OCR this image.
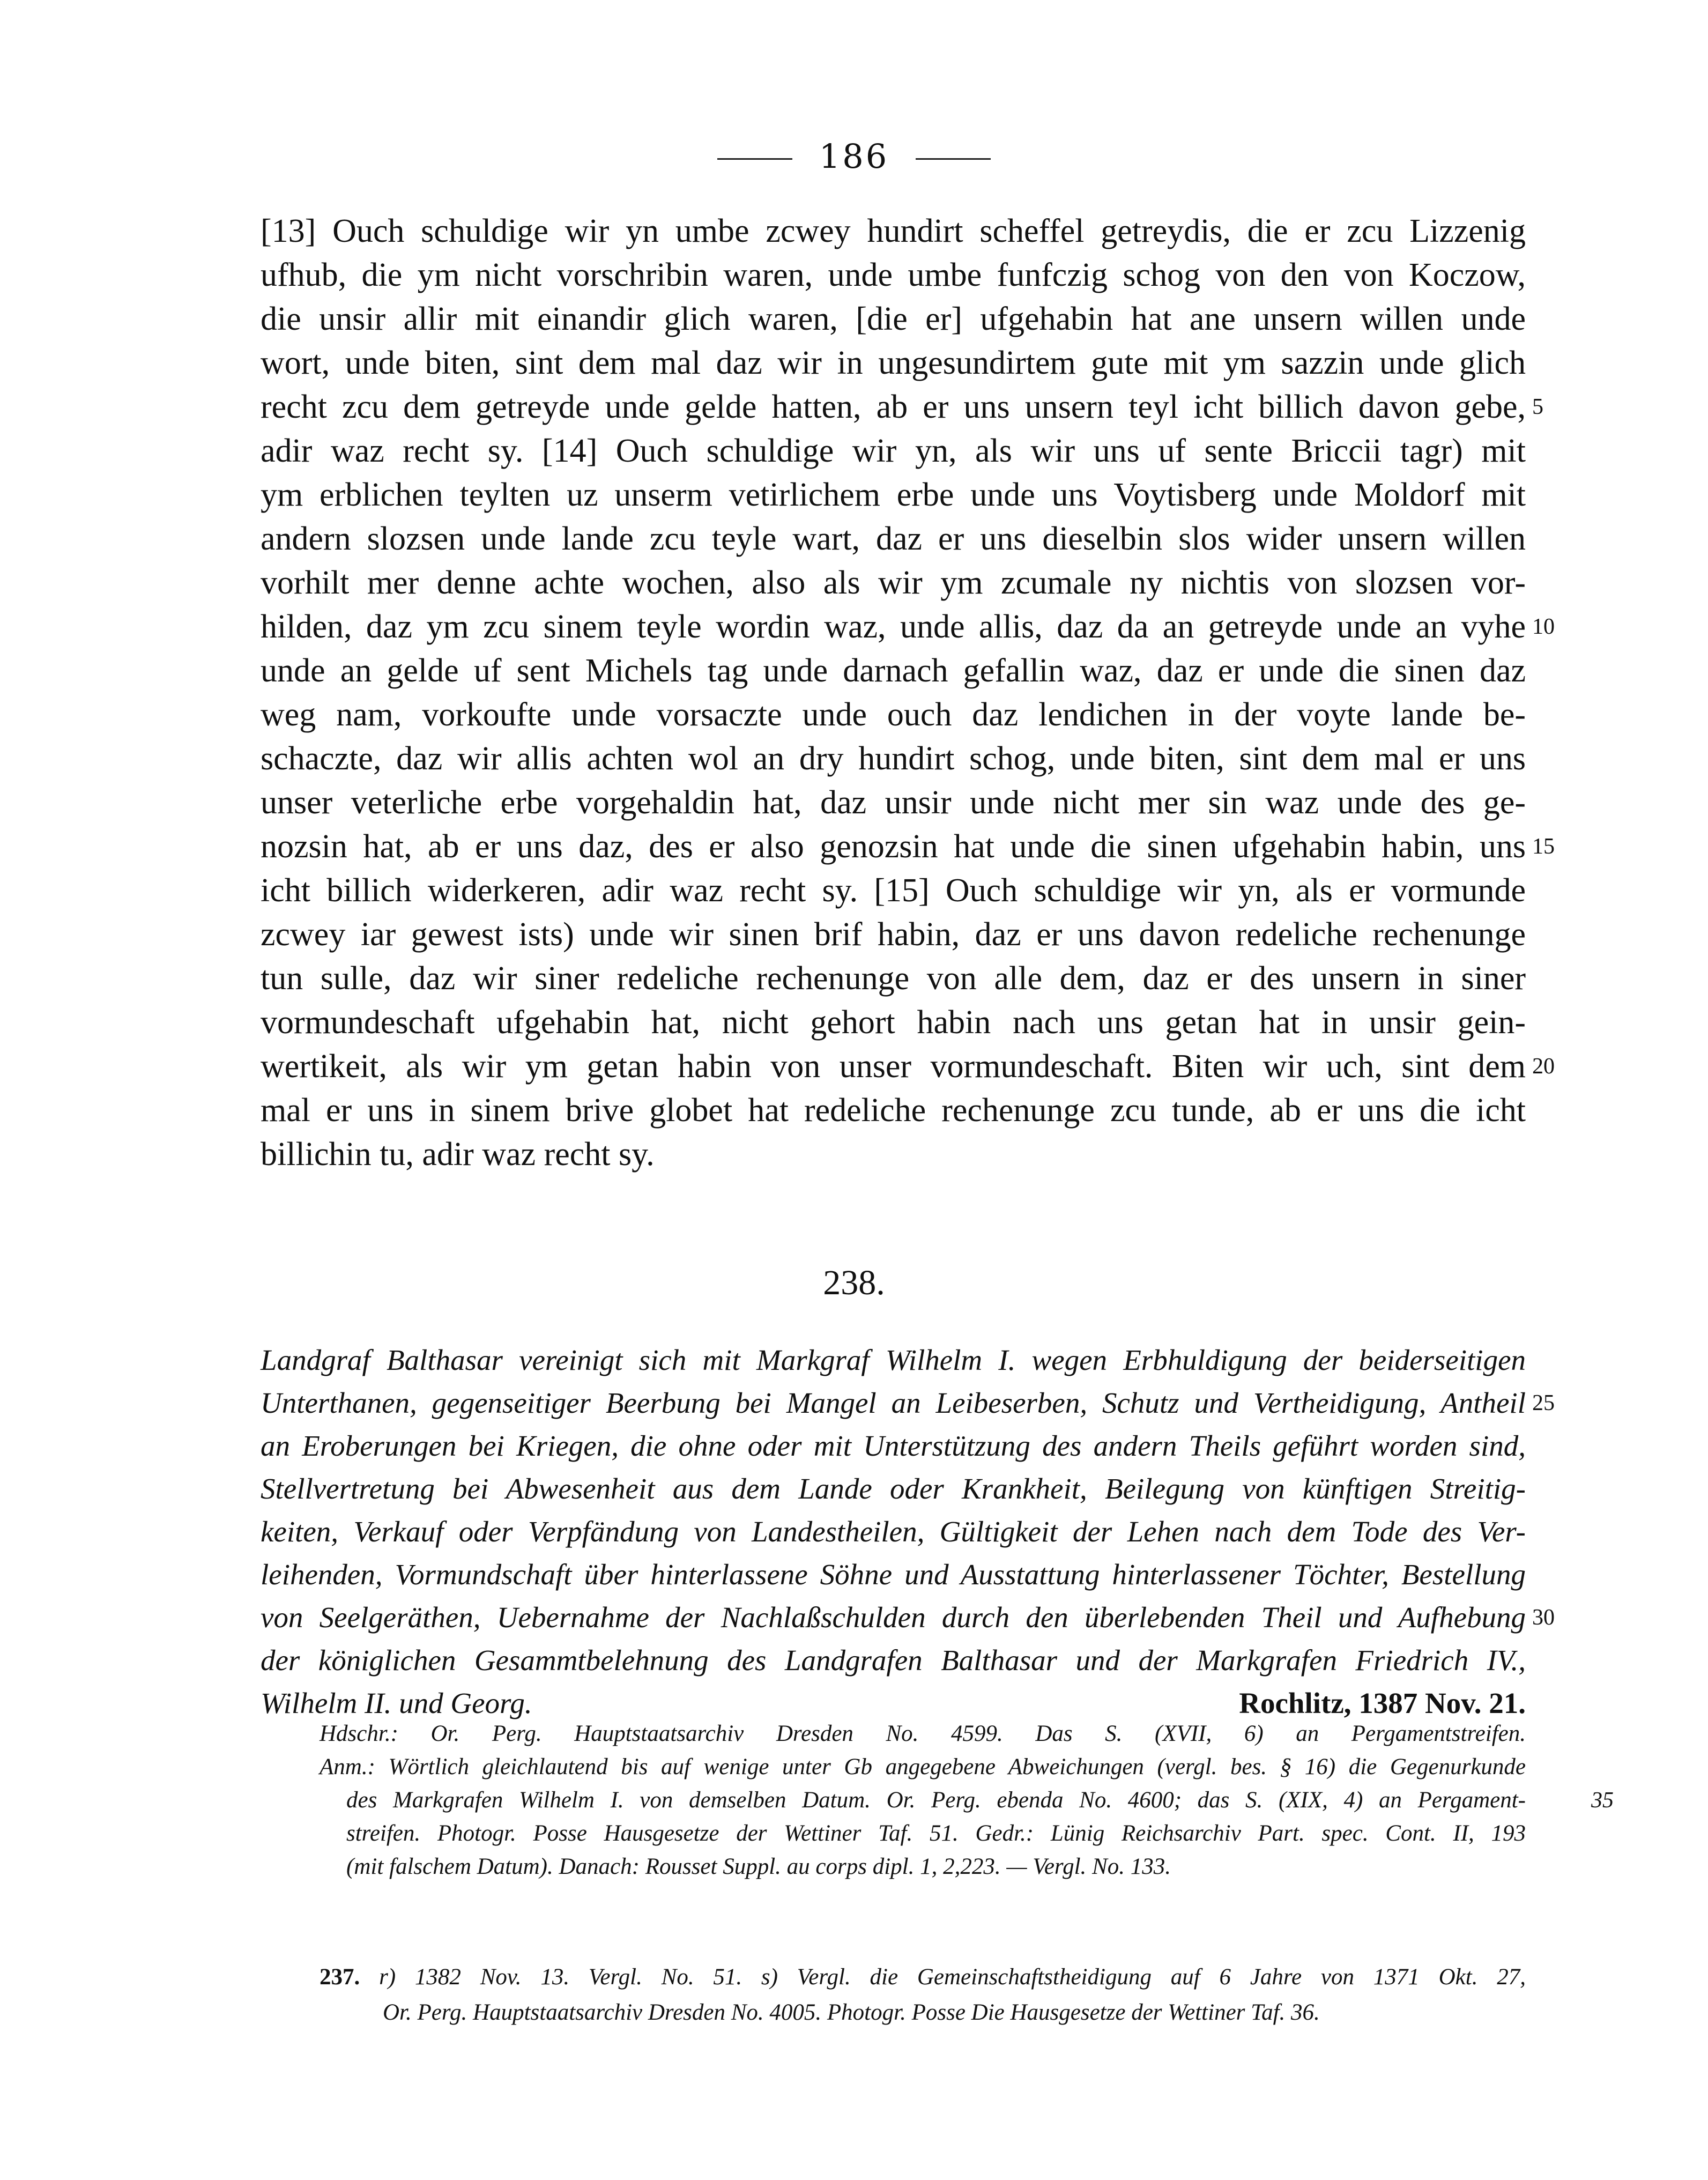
186
[13] Ouch schuldige wir yn umbe zcwey hundirt scheffel getreydis, die er zcu Lizzenig
ufhub, die ym nicht vorschribin waren, unde umbe funfczig schog von den von Koczow,
die unsir allir mit einandir glich waren, [die er] ufgehabin hat ane unsern willen unde
wort, unde biten, sint dem mal daz wir in ungesundirtem gute mit ym sazzin unde glich
recht zcu dem getreyde unde gelde hatten, ab er uns unsern teyl icht billich davon gebe, 5
adir waz recht sy. [14] Ouch schuldige wir yn, als wir uns uf sente Briccii tagr) mit
ym erblichen teylten uz unserm vetirlichem erbe unde uns Voytisberg unde Moldorf mit
andern slozsen unde lande zcu teyle wart, daz er uns dieselbin slos wider unsern willen
vorhilt mer denne achte wochen, also als wir ym zcumale ny nichtis von slozsen vor-
hilden, daz ym zcu sinem teyle wordin waz, unde allis, daz da an getreyde unde an vyhe 10
unde an gelde uf sent Michels tag unde darnach gefallin waz, daz er unde die sinen daz
weg nam, vorkoufte unde vorsaczte unde ouch daz lendichen in der voyte lande be-
schaczte, daz wir allis achten wol an dry hundirt schog, unde biten, sint dem mal er uns
unser veterliche erbe vorgehaldin hat, daz unsir unde nicht mer sin waz unde des ge-
nozsin hat, ab er uns daz, des er also genozsin hat unde die sinen ufgehabin habin, uns 15
icht billich widerkeren, adir waz recht sy. [15] Ouch schuldige wir yn, als er vormunde
zcwey iar gewest ists) unde wir sinen brif habin, daz er uns davon redeliche rechenunge
tun sulle, daz wir siner redeliche rechenunge von alle dem, daz er des unsern in siner
vormundeschaft ufgehabin hat, nicht gehort habin nach uns getan hat in unsir gein-
wertikeit, als wir ym getan habin von unser vormundeschaft. Biten wir uch, sint dem 20
mal er uns in sinem brive globet hat redeliche rechenunge zcu tunde, ab er uns die icht
billichin tu, adir waz recht sy.
238.
Landgraf Balthasar vereinigt sich mit Markgraf Wilhelm I. wegen Erbhuldigung der beiderseitigen
Unterthanen, gegenseitiger Beerbung bei Mangel an Leibeserben, Schutz und Vertheidigung, Antheil 25
an Eroberungen bei Kriegen, die ohne oder mit Unterstützung des andern Theils geführt worden sind,
Stellvertretung bei Abwesenheit aus dem Lande oder Krankheit, Beilegung von künftigen Streitig-
keiten, Verkauf oder Verpfändung von Landestheilen, Gültigkeit der Lehen nach dem Tode des Ver-
leihenden, Vormundschaft über hinterlassene Söhne und Ausstattung hinterlassener Töchter, Bestellung
von Seelgeräthen, Uebernahme der Nachlaßschulden durch den überlebenden Theil und Aufhebung 30
der königlichen Gesammtbelehnung des Landgrafen Balthasar und der Markgrafen Friedrich IV.,
Wilhelm II. und Georg.	Rochlitz, 1387 Nov. 21.
Hdschr.: Or. Perg. Hauptstaatsarchiv Dresden No. 4599. Das S. (XVII, 6) an Pergamentstreifen.
Anm.: Wörtlich gleichlautend bis auf wenige unter Gb angegebene Abweichungen (vergl. bes. § 16) die Gegenurkunde
des Markgrafen Wilhelm I. von demselben Datum. Or. Perg. ebenda No. 4600; das S. (XIX, 4) an Pergament-	35
streifen. Photogr. Posse Hausgesetze der Wettiner Taf. 51. Gedr.: Lünig Reichsarchiv Part. spec. Cont. II, 193
(mit falschem Datum). Danach: Rousset Suppl. au corps dipl. 1, 2,223. — Vergl. No. 133.
237. r) 1382 Nov. 13. Vergl. No. 51. s) Vergl. die Gemeinschaftstheidigung auf 6 Jahre von 1371 Okt. 27,
Or. Perg. Hauptstaatsarchiv Dresden No. 4005. Photogr. Posse Die Hausgesetze der Wettiner Taf. 36.
